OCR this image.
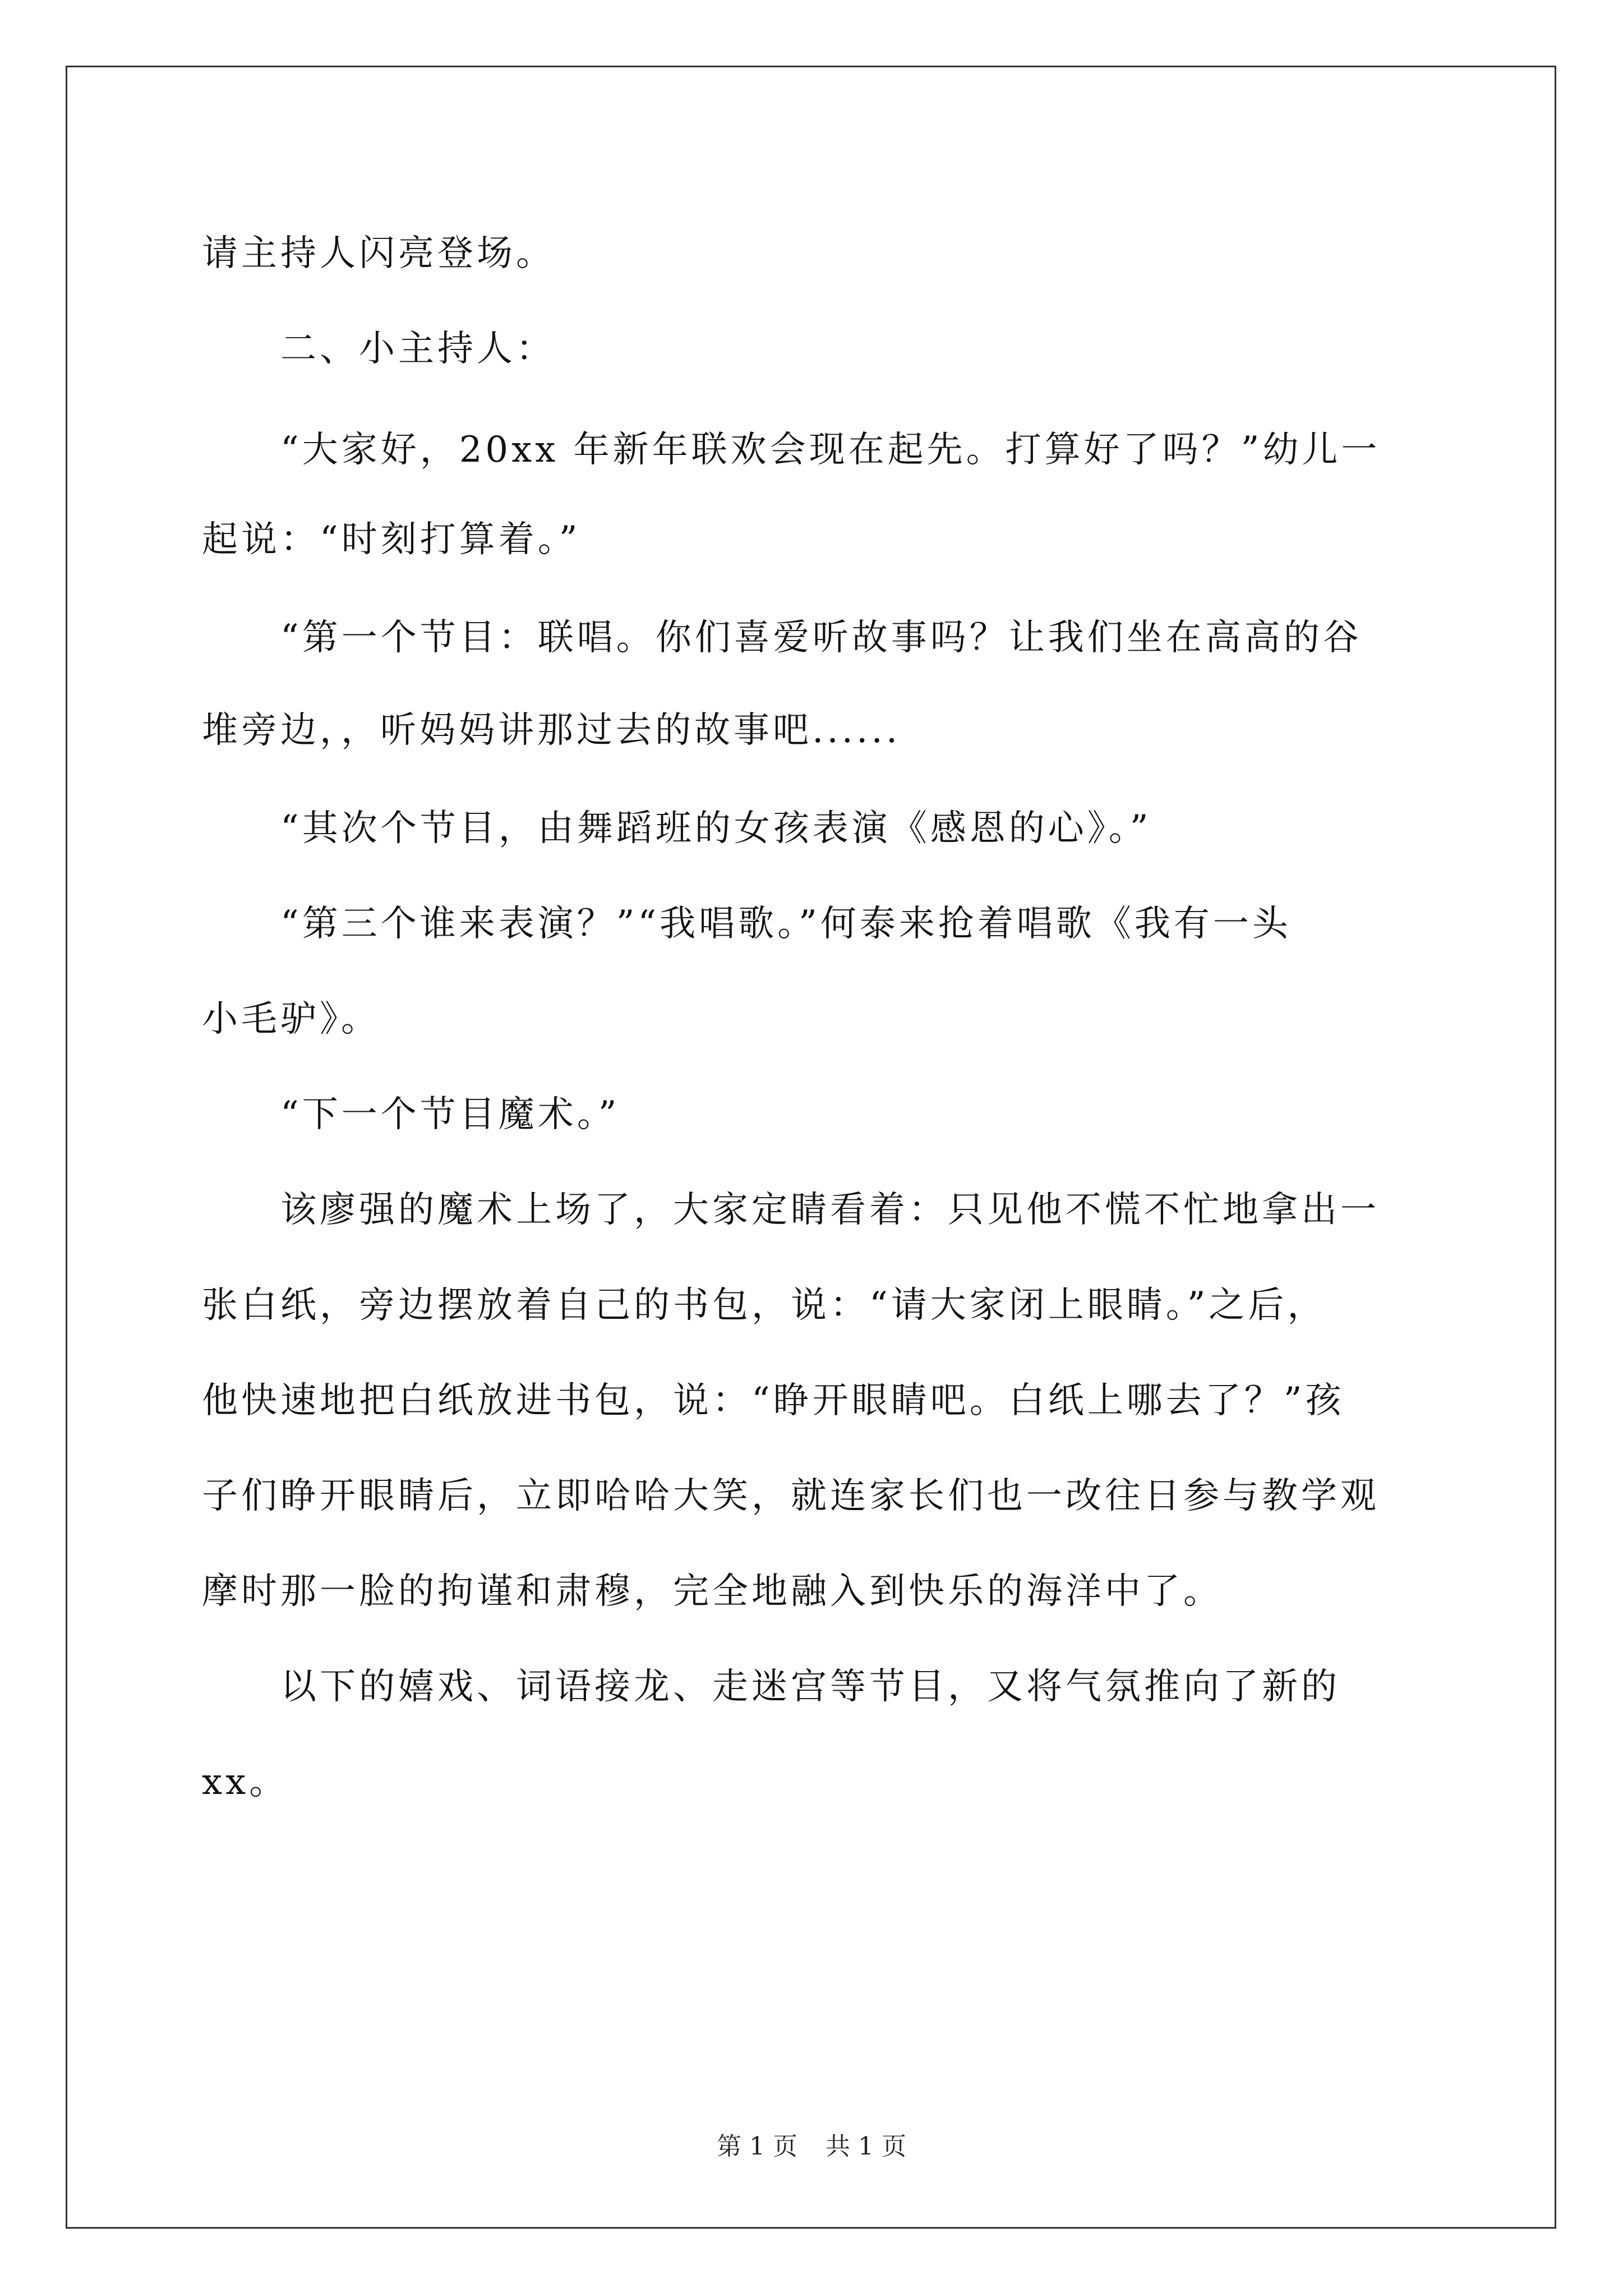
请主持人闪亮登场。
二、小主持人：
“大家好，20xx 年新年联欢会现在起先。打算好了吗？”幼儿一
起说：“时刻打算着。”
“第一个节目：联唱。你们喜爱听故事吗？让我们坐在高高的谷
堆旁边，，听妈妈讲那过去的故事吧......
“其次个节目，由舞蹈班的女孩表演《感恩的心》。”
“第三个谁来表演？”“我唱歌。”何泰来抢着唱歌《我有一头
小毛驴》。
“下一个节目魔术。”
该廖强的魔术上场了，大家定睛看着：只见他不慌不忙地拿出一
张白纸，旁边摆放着自己的书包，说：“请大家闭上眼睛。”之后，
他快速地把白纸放进书包，说：“睁开眼睛吧。白纸上哪去了？”孩
子们睁开眼睛后，立即哈哈大笑，就连家长们也一改往日参与教学观
摩时那一脸的拘谨和肃穆，完全地融入到快乐的海洋中了。
以下的嬉戏、词语接龙、走迷宫等节目，又将气氛推向了新的
xx。
第 1 页 共 1 页
